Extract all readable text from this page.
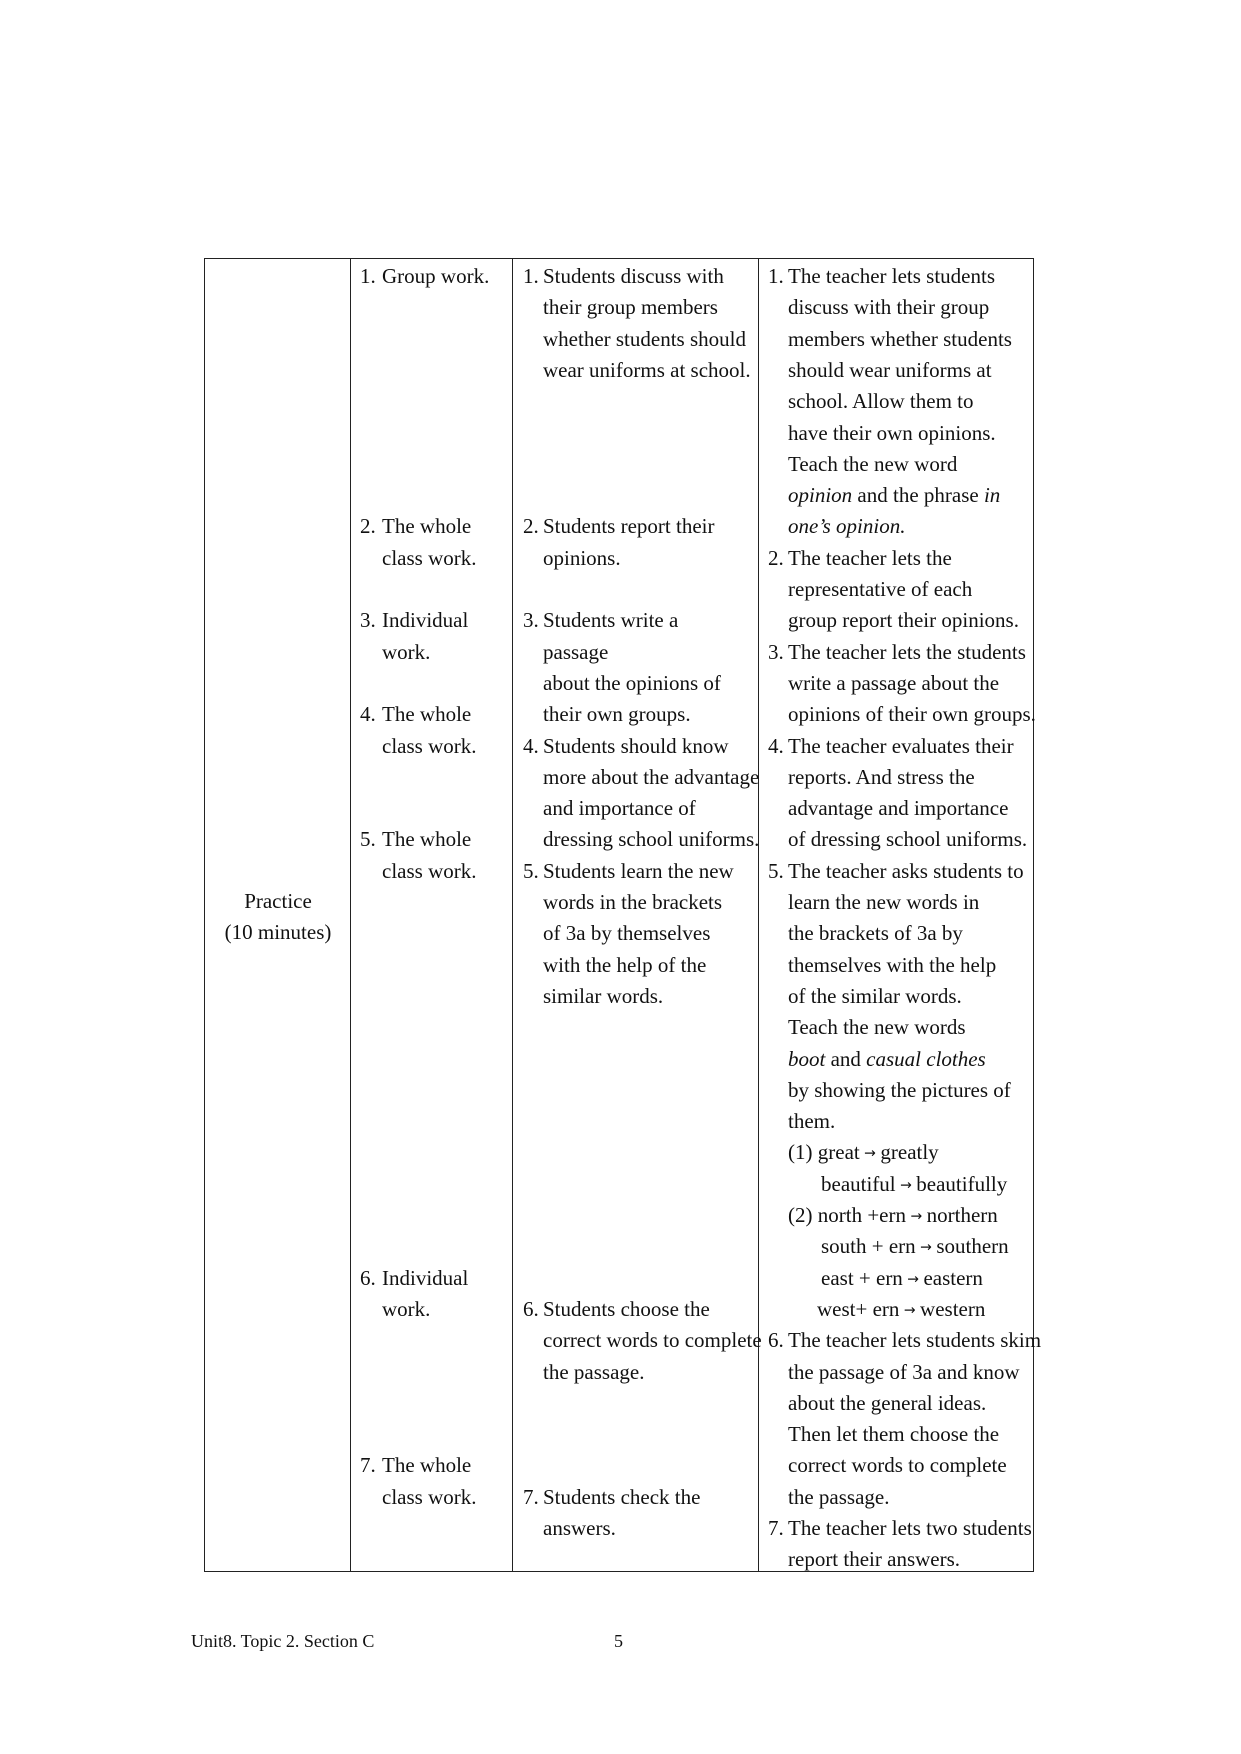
Practice
(10 minutes)
1. Group work.
2. The whole
class work.
3. Individual
work.
4. The whole
class work.
5. The whole
class work.
6. Individual
work.
7. The whole
class work.
1. Students discuss with
their group members
whether students should
wear uniforms at school.
2. Students report their
opinions.
3. Students write a
passage
about the opinions of
their own groups.
4. Students should know
more about the advantage
and importance of
dressing school uniforms.
5. Students learn the new
words in the brackets
of 3a by themselves
with the help of the
similar words.
6. Students choose the
correct words to complete
the passage.
7. Students check the
answers.
1. The teacher lets students
discuss with their group
members whether students
should wear uniforms at
school. Allow them to
have their own opinions.
Teach the new word
opinion and the phrase in
one’s opinion.
2. The teacher lets the
representative of each
group report their opinions.
3. The teacher lets the students
write a passage about the
opinions of their own groups.
4. The teacher evaluates their
reports. And stress the
advantage and importance
of dressing school uniforms.
5. The teacher asks students to
learn the new words in
the brackets of 3a by
themselves with the help
of the similar words.
Teach the new words
boot and casual clothes
by showing the pictures of
them.
(1) great → greatly
beautiful → beautifully
(2) north +ern → northern
south + ern → southern
east + ern → eastern
west+ ern → western
6. The teacher lets students skim
the passage of 3a and know
about the general ideas.
Then let them choose the
correct words to complete
the passage.
7. The teacher lets two students
report their answers.
Unit8. Topic 2. Section C	5
